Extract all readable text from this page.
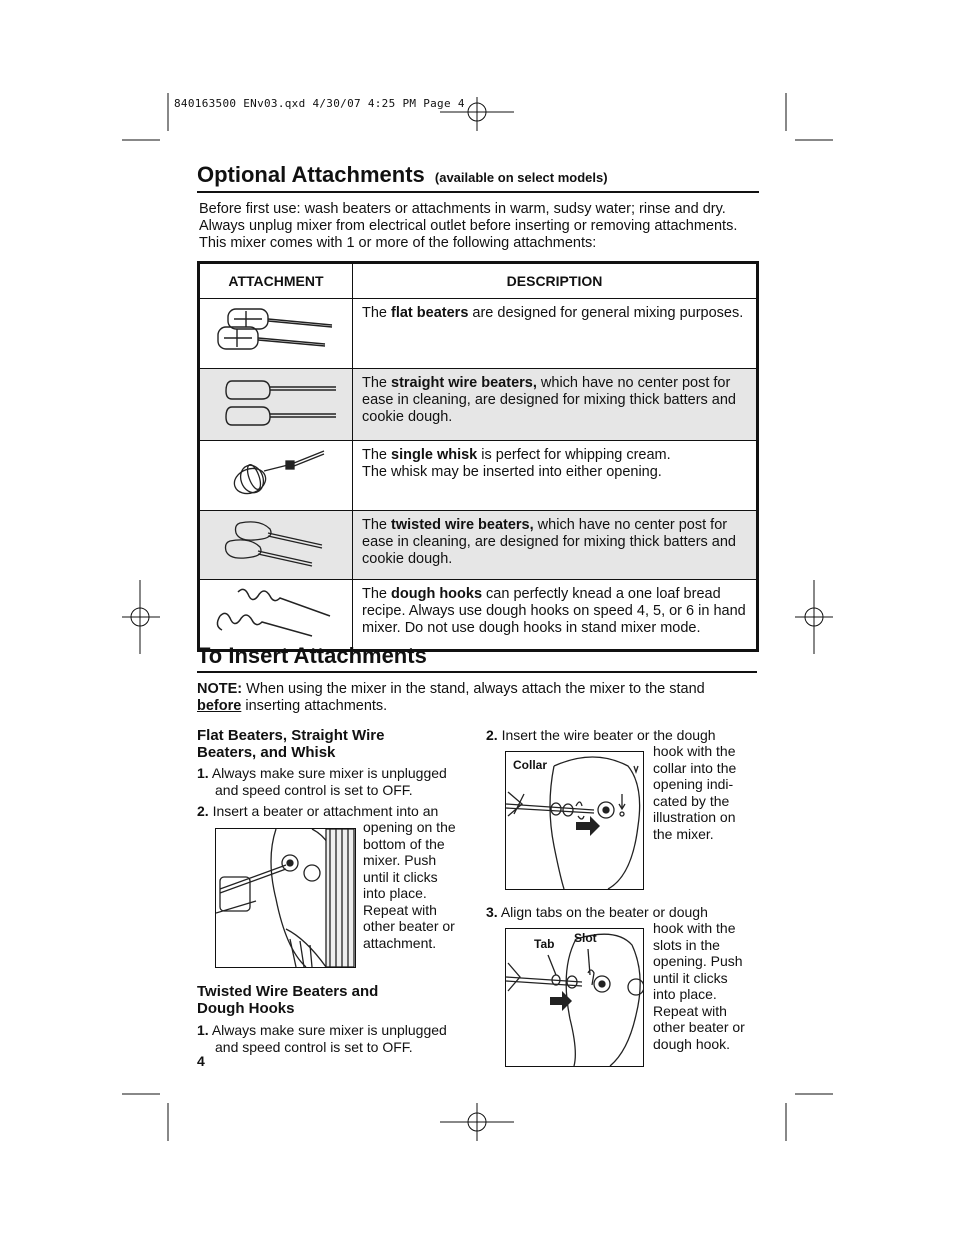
840163500 ENv03.qxd 4/30/07 4:25 PM Page 4
Optional Attachments (available on select models)
Before first use: wash beaters or attachments in warm, sudsy water; rinse and dry.
Always unplug mixer from electrical outlet before inserting or removing attachments.
This mixer comes with 1 or more of the following attachments:
ATTACHMENT	DESCRIPTION
	The flat beaters are designed for general mixing purposes.
	The straight wire beaters, which have no center post for ease in cleaning, are designed for mixing thick batters and cookie dough.
	The single whisk is perfect for whipping cream.
The whisk may be inserted into either opening.
	The twisted wire beaters, which have no center post for ease in cleaning, are designed for mixing thick batters and cookie dough.
	The dough hooks can perfectly knead a one loaf bread recipe. Always use dough hooks on speed 4, 5, or 6 in hand mixer. Do not use dough hooks in stand mixer mode.
To Insert Attachments
NOTE: When using the mixer in the stand, always attach the mixer to the stand
before inserting attachments.
Flat Beaters, Straight Wire
Beaters, and Whisk
1. Always make sure mixer is unplugged
and speed control is set to OFF.
2. Insert a beater or attachment into an
opening on the
bottom of the
mixer. Push
until it clicks
into place.
Repeat with
other beater or
attachment.
Twisted Wire Beaters and
Dough Hooks
1. Always make sure mixer is unplugged
and speed control is set to OFF.
4
2. Insert the wire beater or the dough
hook with the
collar into the
opening indi-
cated by the
illustration on
the mixer.
Collar
3. Align tabs on the beater or dough
hook with the
slots in the
opening. Push
until it clicks
into place.
Repeat with
other beater or
dough hook.
Tab Slot
